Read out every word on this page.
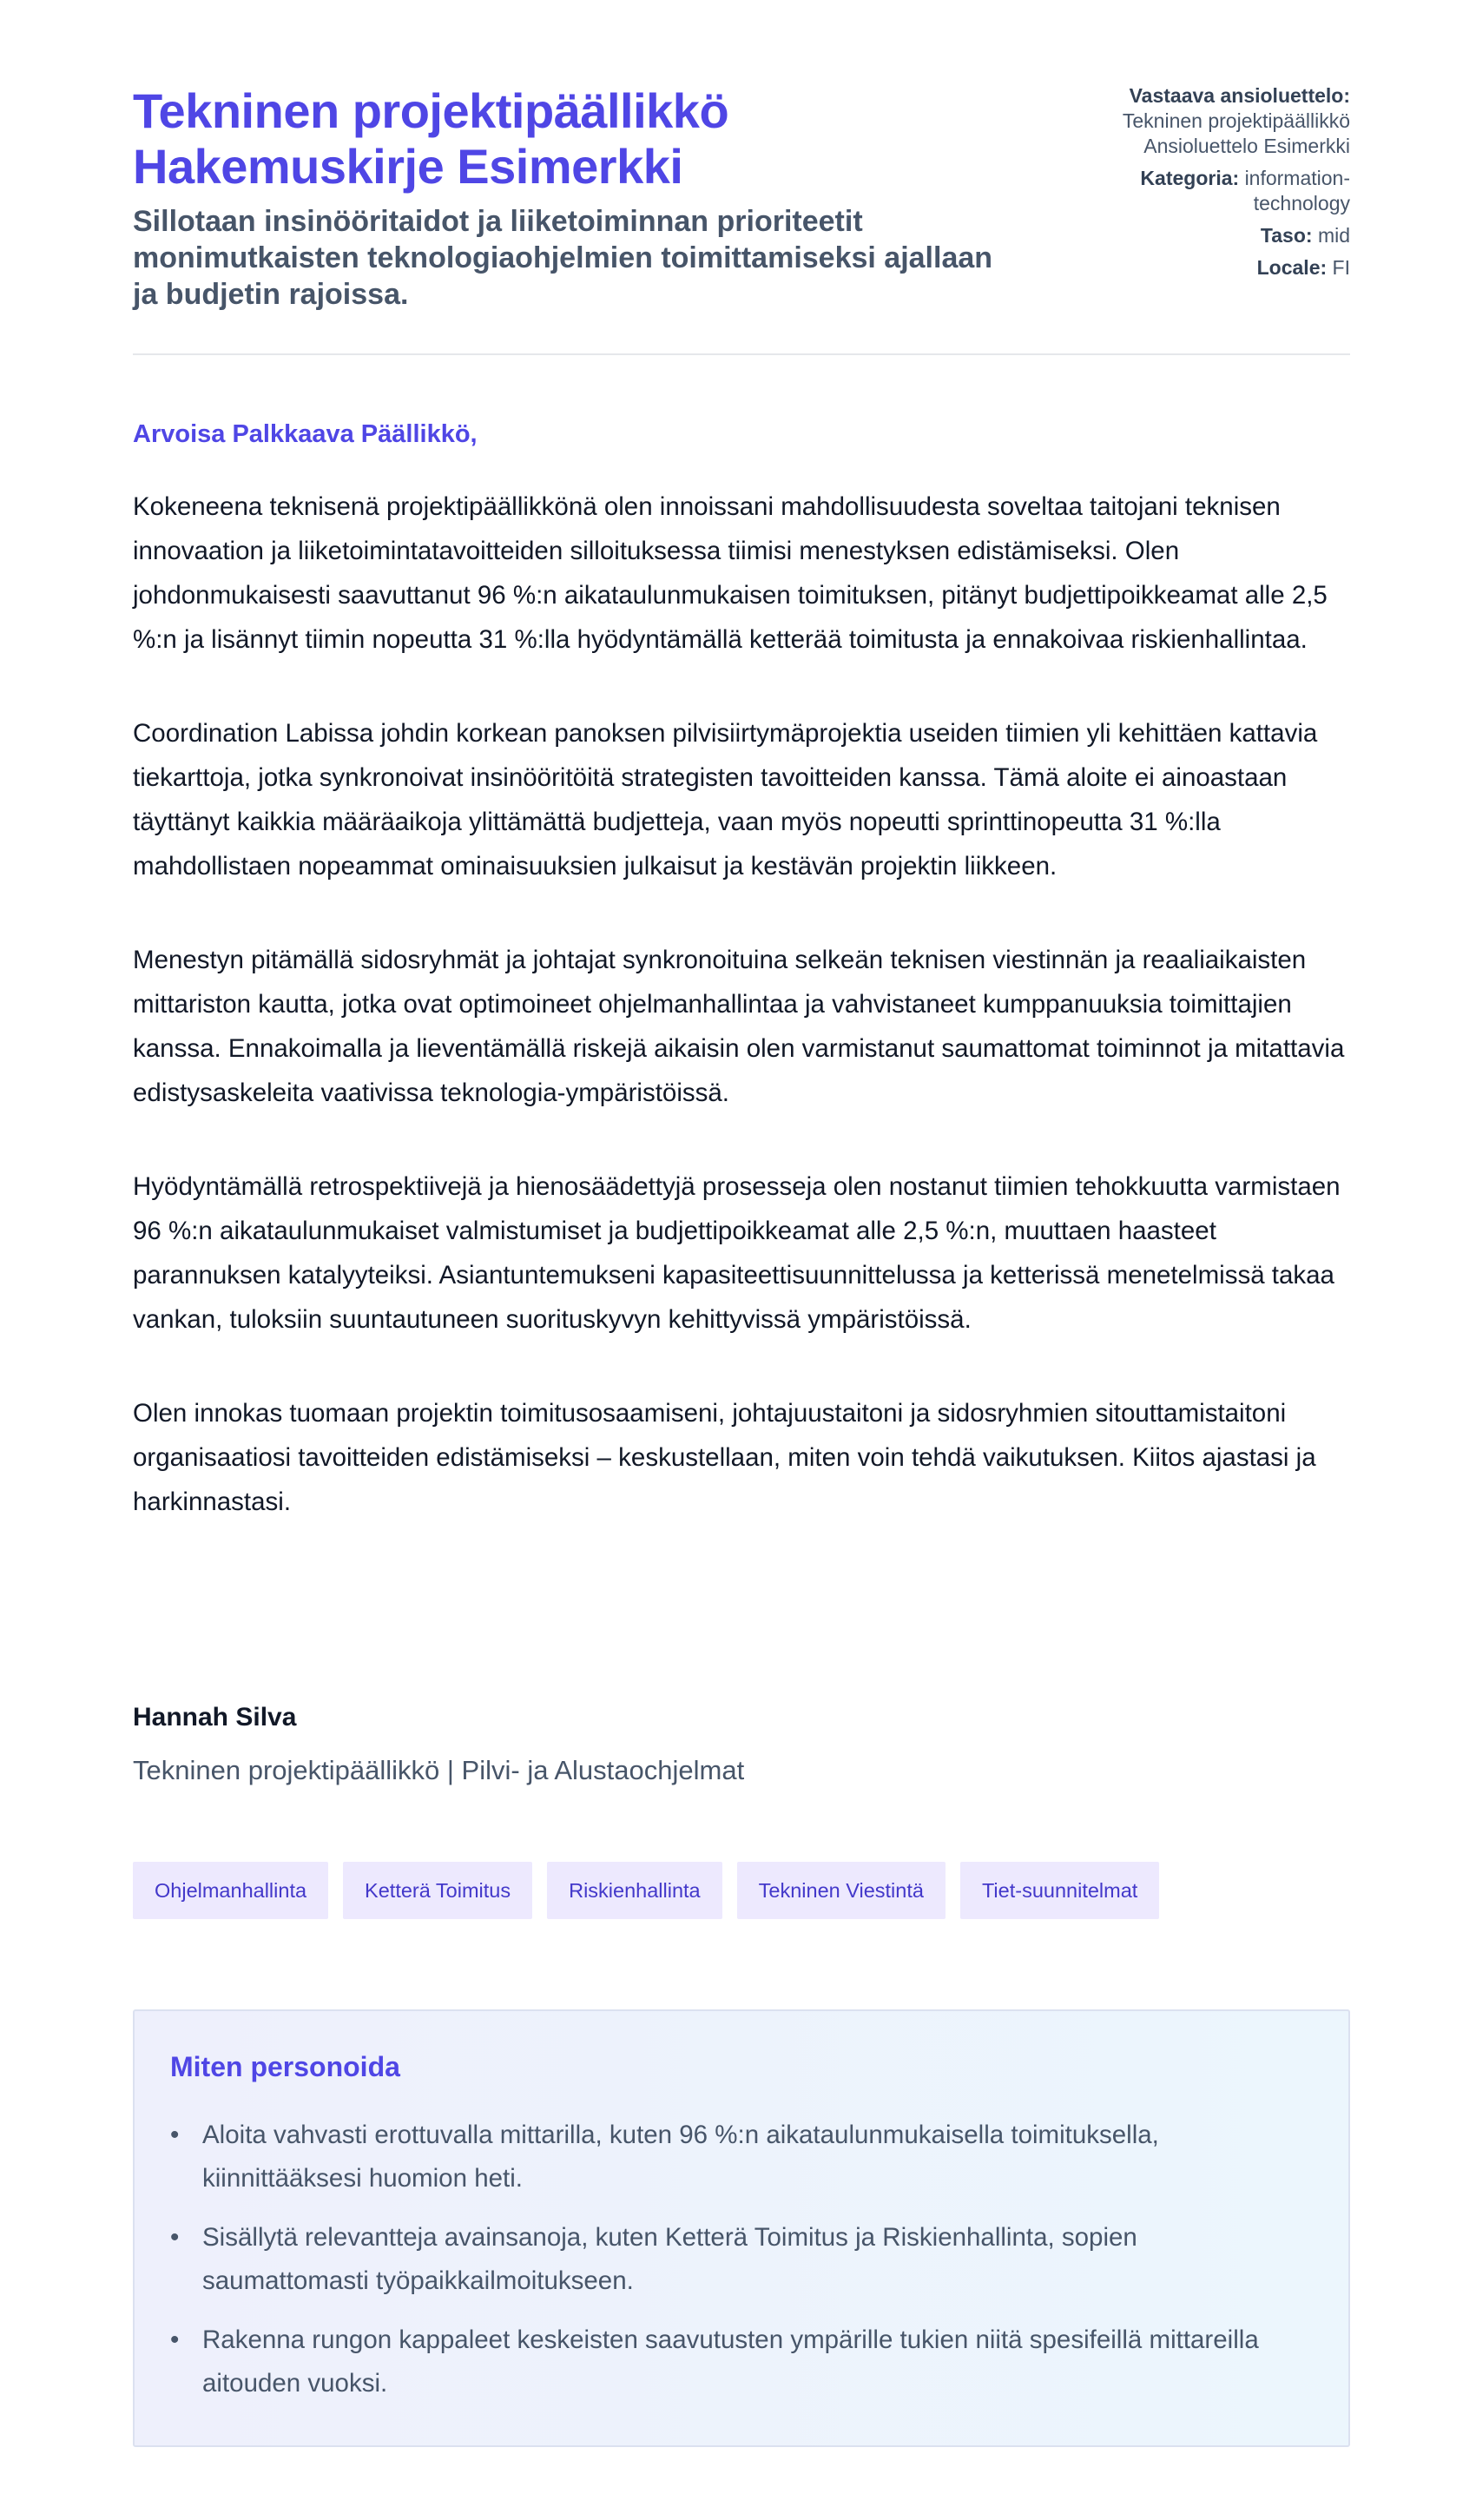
Tekninen projektipäällikkö
Hakemuskirje Esimerkki

Sillotaan insinööritaidot ja liiketoiminnan prioriteetit monimutkaisten teknologiaohjelmien toimittamiseksi ajallaan ja budjetin rajoissa.

Vastaava ansioluettelo:
Tekninen projektipäällikkö Ansioluettelo Esimerkki
Kategoria: information-technology
Taso: mid
Locale: FI

Arvoisa Palkkaava Päällikkö,

Kokeneena teknisenä projektipäällikkönä olen innoissani mahdollisuudesta soveltaa taitojani teknisen innovaation ja liiketoimintatavoitteiden silloituksessa tiimisi menestyksen edistämiseksi. Olen johdonmukaisesti saavuttanut 96 %:n aikataulunmukaisen toimituksen, pitänyt budjettipoikkeamat alle 2,5 %:n ja lisännyt tiimin nopeutta 31 %:lla hyödyntämällä ketterää toimitusta ja ennakoivaa riskienhallintaa.

Coordination Labissa johdin korkean panoksen pilvisiirtymäprojektia useiden tiimien yli kehittäen kattavia tiekarttoja, jotka synkronoivat insinööritöitä strategisten tavoitteiden kanssa. Tämä aloite ei ainoastaan täyttänyt kaikkia määräaikoja ylittämättä budjetteja, vaan myös nopeutti sprinttinopeutta 31 %:lla mahdollistaen nopeammat ominaisuuksien julkaisut ja kestävän projektin liikkeen.

Menestyn pitämällä sidosryhmät ja johtajat synkronoituina selkeän teknisen viestinnän ja reaaliaikaisten mittariston kautta, jotka ovat optimoineet ohjelmanhallintaa ja vahvistaneet kumppanuuksia toimittajien kanssa. Ennakoimalla ja lieventämällä riskejä aikaisin olen varmistanut saumattomat toiminnot ja mitattavia edistysaskeleita vaativissa teknologia-ympäristöissä.

Hyödyntämällä retrospektiivejä ja hienosäädettyjä prosesseja olen nostanut tiimien tehokkuutta varmistaen 96 %:n aikataulunmukaiset valmistumiset ja budjettipoikkeamat alle 2,5 %:n, muuttaen haasteet parannuksen katalyyteiksi. Asiantuntemukseni kapasiteettisuunnittelussa ja ketterissä menetelmissä takaa vankan, tuloksiin suuntautuneen suorituskyvyn kehittyvissä ympäristöissä.

Olen innokas tuomaan projektin toimitusosaamiseni, johtajuustaitoni ja sidosryhmien sitouttamistaitoni organisaatiosi tavoitteiden edistämiseksi – keskustellaan, miten voin tehdä vaikutuksen. Kiitos ajastasi ja harkinnastasi.

Hannah Silva

Tekninen projektipäällikkö | Pilvi- ja Alustaochjelmat

Ohjelmanhallinta	Ketterä Toimitus	Riskienhallinta	Tekninen Viestintä	Tiet-suunnitelmat
Miten personoida
• Aloita vahvasti erottuvalla mittarilla, kuten 96 %:n aikataulunmukaisella toimituksella, kiinnittääksesi huomion heti.
• Sisällytä relevantteja avainsanoja, kuten Ketterä Toimitus ja Riskienhallinta, sopien saumattomasti työpaikkailmoitukseen.
• Rakenna rungon kappaleet keskeisten saavutusten ympärille tukien niitä spesifeillä mittareilla aitouden vuoksi.
